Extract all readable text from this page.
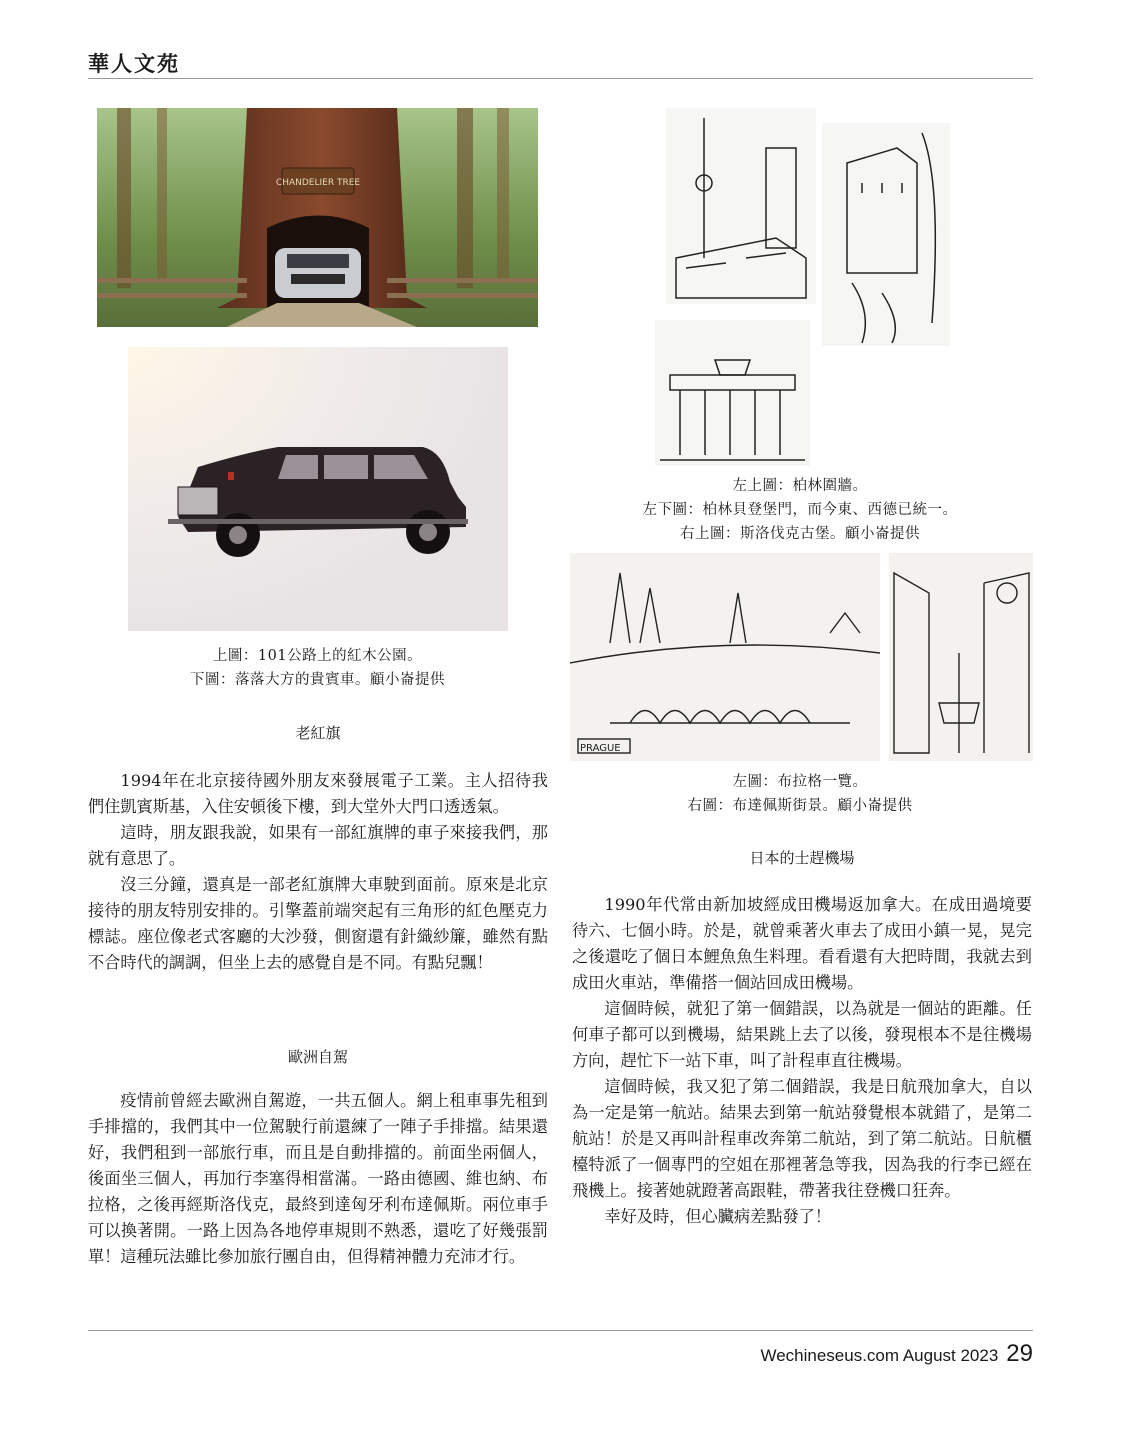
華人文苑
CHANDELIER TREE
上圖：101公路上的紅木公園。
下圖：落落大方的貴賓車。顧小崙提供
老紅旗

1994年在北京接待國外朋友來發展電子工業。主人招待我們住凱賓斯基，入住安頓後下樓，到大堂外大門口透透氣。

這時，朋友跟我說，如果有一部紅旗牌的車子來接我們，那就有意思了。

沒三分鐘，還真是一部老紅旗牌大車駛到面前。原來是北京接待的朋友特別安排的。引擎蓋前端突起有三角形的紅色壓克力標誌。座位像老式客廳的大沙發，側窗還有針織紗簾，雖然有點不合時代的調調，但坐上去的感覺自是不同。有點兒飄！

歐洲自駕

疫情前曾經去歐洲自駕遊，一共五個人。網上租車事先租到手排擋的，我們其中一位駕駛行前還練了一陣子手排擋。結果還好，我們租到一部旅行車，而且是自動排擋的。前面坐兩個人，後面坐三個人，再加行李塞得相當滿。一路由德國、維也納、布拉格，之後再經斯洛伐克，最終到達匈牙利布達佩斯。兩位車手可以換著開。一路上因為各地停車規則不熟悉，還吃了好幾張罰單！這種玩法雖比參加旅行團自由，但得精神體力充沛才行。

左上圖：柏林圍牆。
左下圖：柏林貝登堡門，而今東、西德已統一。
右上圖：斯洛伐克古堡。顧小崙提供
PRAGUE
左圖：布拉格一覽。
右圖：布達佩斯街景。顧小崙提供
日本的士趕機場

1990年代常由新加坡經成田機場返加拿大。在成田過境要待六、七個小時。於是，就曾乘著火車去了成田小鎮一晃，晃完之後還吃了個日本鯉魚魚生料理。看看還有大把時間，我就去到成田火車站，準備搭一個站回成田機場。

這個時候，就犯了第一個錯誤，以為就是一個站的距離。任何車子都可以到機場，結果跳上去了以後，發現根本不是往機場方向，趕忙下一站下車，叫了計程車直往機場。

這個時候，我又犯了第二個錯誤，我是日航飛加拿大，自以為一定是第一航站。結果去到第一航站發覺根本就錯了，是第二航站！於是又再叫計程車改奔第二航站，到了第二航站。日航櫃檯特派了一個專門的空姐在那裡著急等我，因為我的行李已經在飛機上。接著她就蹬著高跟鞋，帶著我往登機口狂奔。

幸好及時，但心臟病差點發了！

Wechineseus.com August 2023 29
